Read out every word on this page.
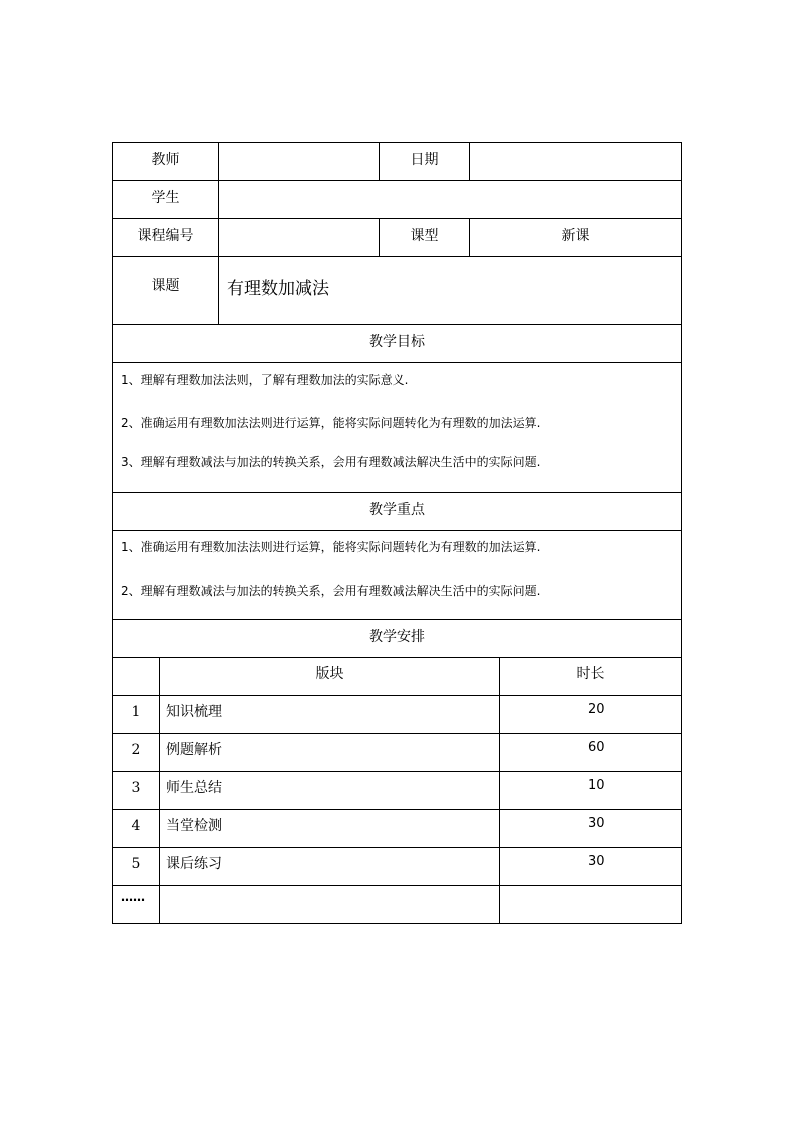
教师			日期		
学生					
课程编号			课型	新课	
课题		有理数加减法			
教学目标					

1、理解有理数加法法则，了解有理数加法的实际意义.
2、准确运用有理数加法法则进行运算，能将实际问题转化为有理数的加法运算.
3、理解有理数减法与加法的转换关系，会用有理数减法解决生活中的实际问题.					

教学重点					

1、准确运用有理数加法法则进行运算，能将实际问题转化为有理数的加法运算.
2、理解有理数减法与加法的转换关系，会用有理数减法解决生活中的实际问题.					

教学安排					
	版块				时长
1	知识梳理				20
2	例题解析				60
3	师生总结				10
4	当堂检测				30
5	课后练习				30
……					
